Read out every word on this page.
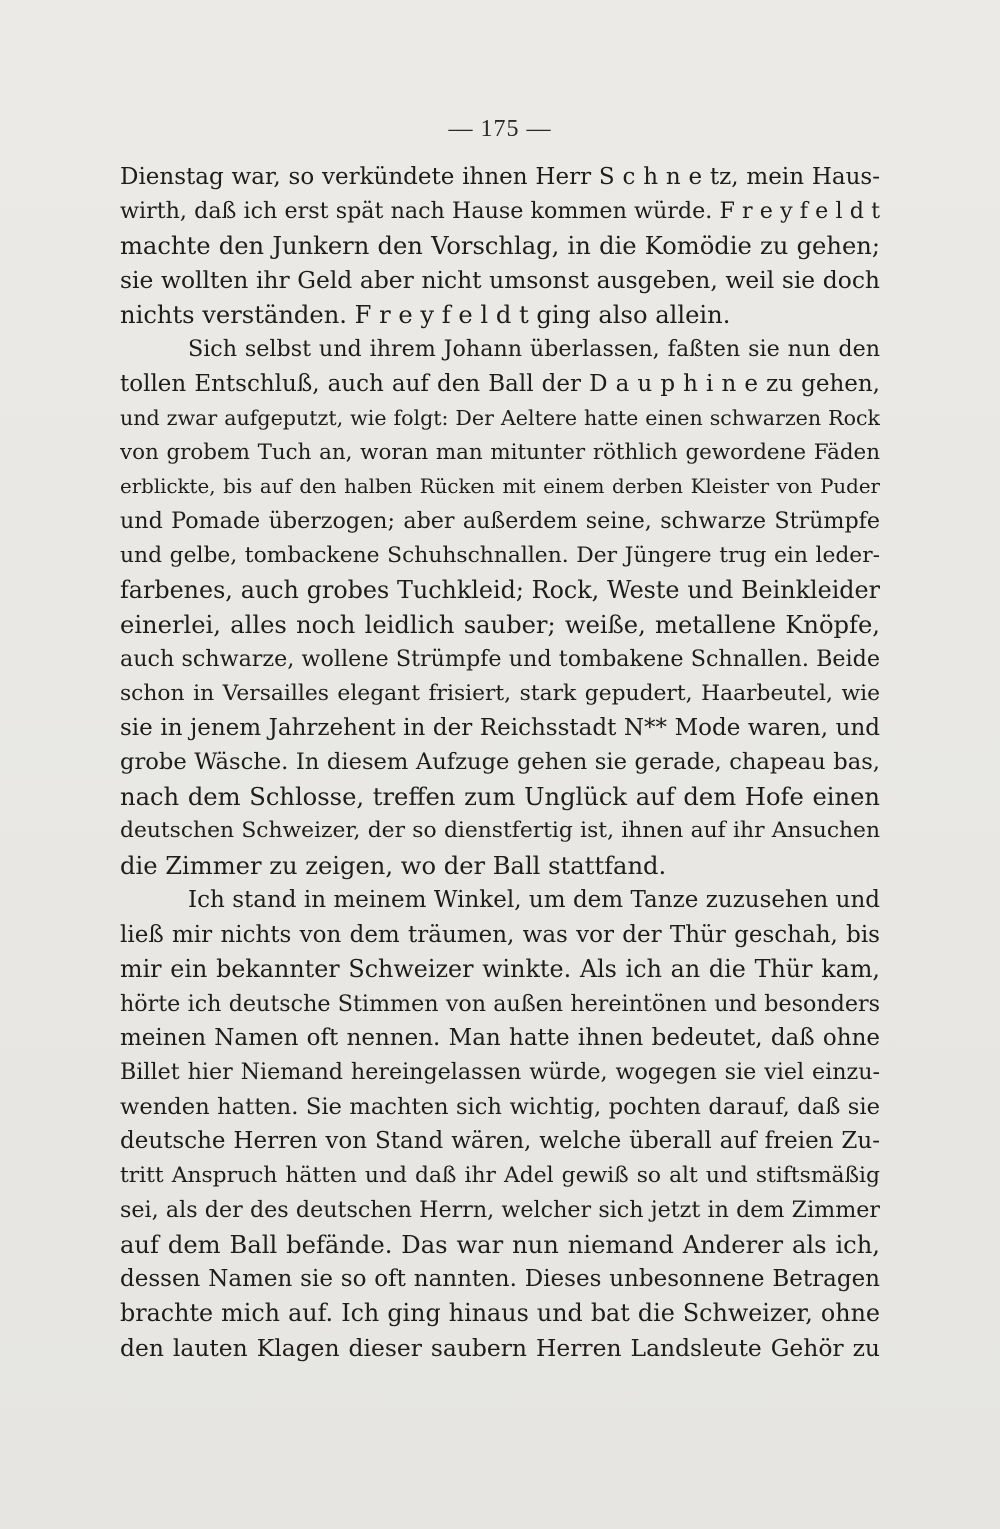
— 175 —
Dienstag war, so verkündete ihnen Herr S c h n e tz, mein Haus-
wirth, daß ich erst spät nach Hause kommen würde. F r e y f e l d t
machte den Junkern den Vorschlag, in die Komödie zu gehen;
sie wollten ihr Geld aber nicht umsonst ausgeben, weil sie doch
nichts verständen. F r e y f e l d t ging also allein.
Sich selbst und ihrem Johann überlassen, faßten sie nun den
tollen Entschluß, auch auf den Ball der D a u p h i n e zu gehen,
und zwar aufgeputzt, wie folgt: Der Aeltere hatte einen schwarzen Rock
von grobem Tuch an, woran man mitunter röthlich gewordene Fäden
erblickte, bis auf den halben Rücken mit einem derben Kleister von Puder
und Pomade überzogen; aber außerdem seine, schwarze Strümpfe
und gelbe, tombackene Schuhschnallen. Der Jüngere trug ein leder-
farbenes, auch grobes Tuchkleid; Rock, Weste und Beinkleider
einerlei, alles noch leidlich sauber; weiße, metallene Knöpfe,
auch schwarze, wollene Strümpfe und tombakene Schnallen. Beide
schon in Versailles elegant frisiert, stark gepudert, Haarbeutel, wie
sie in jenem Jahrzehent in der Reichsstadt N** Mode waren, und
grobe Wäsche. In diesem Aufzuge gehen sie gerade, chapeau bas,
nach dem Schlosse, treffen zum Unglück auf dem Hofe einen
deutschen Schweizer, der so dienstfertig ist, ihnen auf ihr Ansuchen
die Zimmer zu zeigen, wo der Ball stattfand.
Ich stand in meinem Winkel, um dem Tanze zuzusehen und
ließ mir nichts von dem träumen, was vor der Thür geschah, bis
mir ein bekannter Schweizer winkte. Als ich an die Thür kam,
hörte ich deutsche Stimmen von außen hereintönen und besonders
meinen Namen oft nennen. Man hatte ihnen bedeutet, daß ohne
Billet hier Niemand hereingelassen würde, wogegen sie viel einzu-
wenden hatten. Sie machten sich wichtig, pochten darauf, daß sie
deutsche Herren von Stand wären, welche überall auf freien Zu-
tritt Anspruch hätten und daß ihr Adel gewiß so alt und stiftsmäßig
sei, als der des deutschen Herrn, welcher sich jetzt in dem Zimmer
auf dem Ball befände. Das war nun niemand Anderer als ich,
dessen Namen sie so oft nannten. Dieses unbesonnene Betragen
brachte mich auf. Ich ging hinaus und bat die Schweizer, ohne
den lauten Klagen dieser saubern Herren Landsleute Gehör zu
